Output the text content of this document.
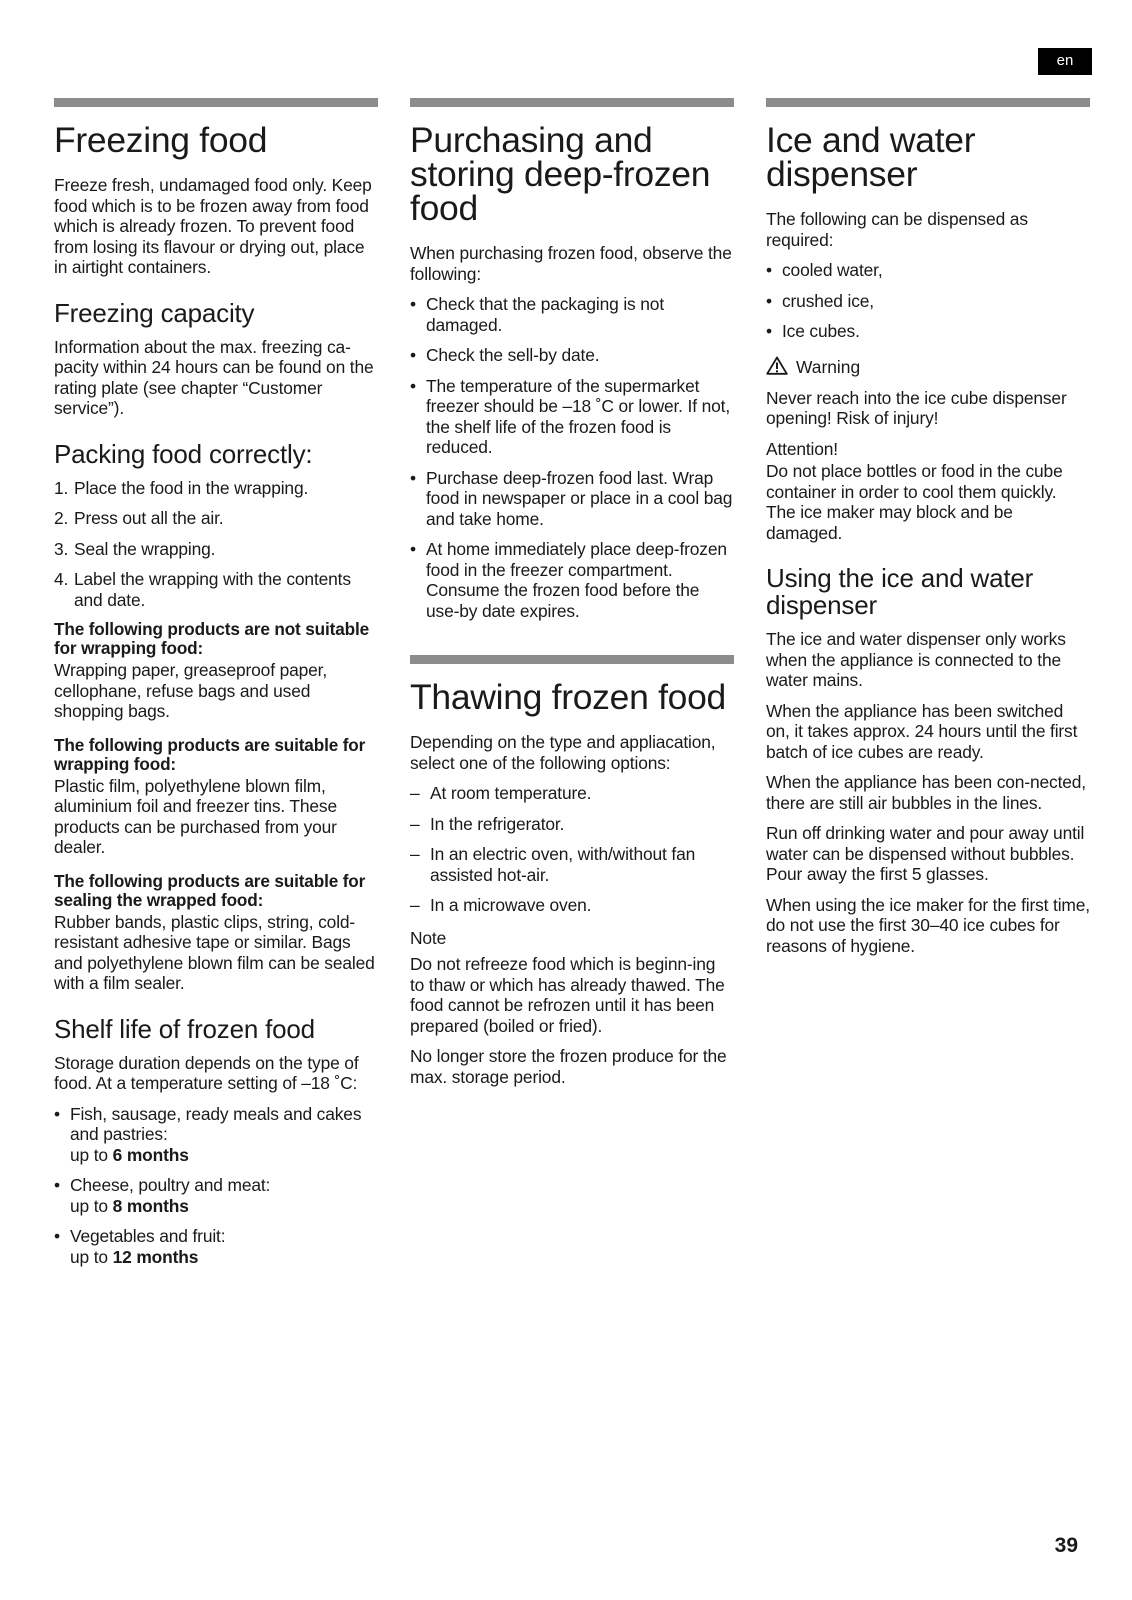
en
Freezing food

Freeze fresh, undamaged food only. Keep food which is to be frozen away from food which is already frozen. To prevent food from losing its flavour or drying out, place in airtight containers.

Freezing capacity

Information about the max. freezing ca-pacity within 24 hours can be found on the rating plate (see chapter “Customer service”).

Packing food correctly:
1. Place the food in the wrapping.
2. Press out all the air.
3. Seal the wrapping.
4. Label the wrapping with the contents and date.

The following products are not suitable for wrapping food:

Wrapping paper, greaseproof paper, cellophane, refuse bags and used shopping bags.

The following products are suitable for wrapping food:

Plastic film, polyethylene blown film, aluminium foil and freezer tins. These products can be purchased from your dealer.

The following products are suitable for sealing the wrapped food:

Rubber bands, plastic clips, string, cold-resistant adhesive tape or similar. Bags and polyethylene blown film can be sealed with a film sealer.

Shelf life of frozen food

Storage duration depends on the type of food. At a temperature setting of –18 ˚C:

• Fish, sausage, ready meals and cakes and pastries:
up to 6 months
• Cheese, poultry and meat:
up to 8 months
• Vegetables and fruit:
up to 12 months
Purchasing and storing deep-frozen food

When purchasing frozen food, observe the following:

• Check that the packaging is not damaged.
• Check the sell-by date.
• The temperature of the supermarket freezer should be –18 ˚C or lower. If not, the shelf life of the frozen food is reduced.
• Purchase deep-frozen food last. Wrap food in newspaper or place in a cool bag and take home.
• At home immediately place deep-frozen food in the freezer compartment. Consume the frozen food before the use-by date expires.
Thawing frozen food

Depending on the type and appliacation, select one of the following options:

– At room temperature.
– In the refrigerator.
– In an electric oven, with/without fan assisted hot-air.
– In a microwave oven.

Note

Do not refreeze food which is beginn-ing to thaw or which has already thawed. The food cannot be refrozen until it has been prepared (boiled or fried).

No longer store the frozen produce for the max. storage period.

Ice and water dispenser

The following can be dispensed as required:

• cooled water,
• crushed ice,
• Ice cubes.
Warning

Never reach into the ice cube dispenser opening! Risk of injury!

Attention!

Do not place bottles or food in the cube container in order to cool them quickly. The ice maker may block and be damaged.

Using the ice and water dispenser

The ice and water dispenser only works when the appliance is connected to the water mains.

When the appliance has been switched on, it takes approx. 24 hours until the first batch of ice cubes are ready.

When the appliance has been con-nected, there are still air bubbles in the lines.

Run off drinking water and pour away until water can be dispensed without bubbles. Pour away the first 5 glasses.

When using the ice maker for the first time, do not use the first 30–40 ice cubes for reasons of hygiene.

39
